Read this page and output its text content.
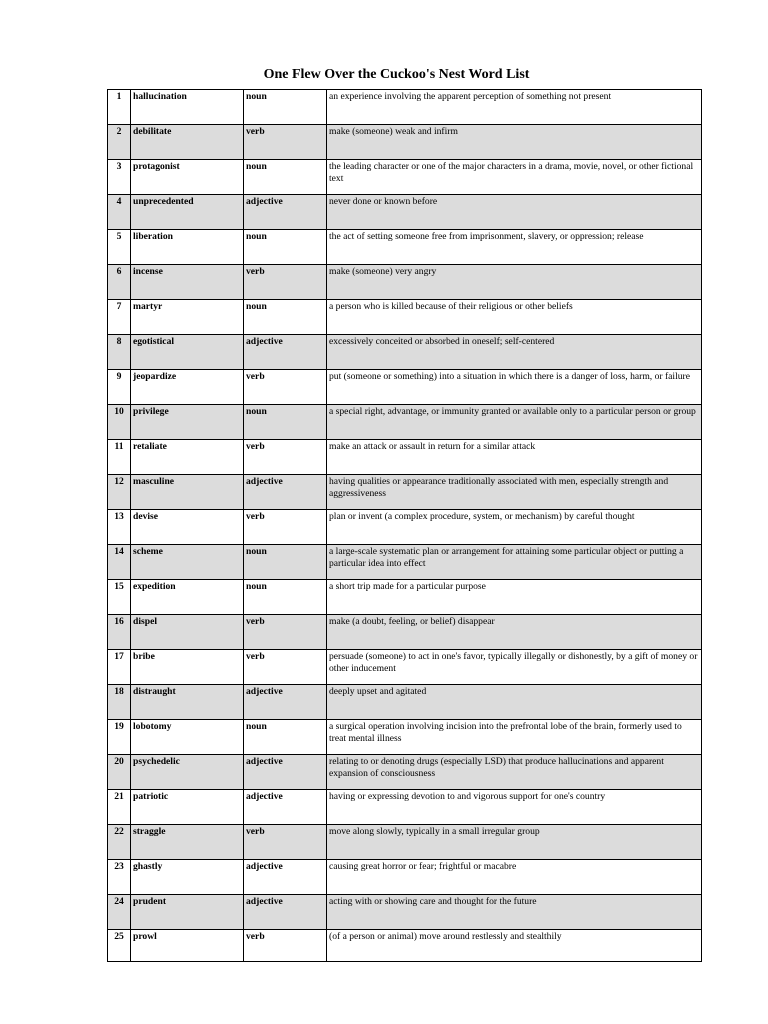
One Flew Over the Cuckoo's Nest Word List
1	hallucination	noun	an experience involving the apparent perception of something not present
2	debilitate	verb	make (someone) weak and infirm
3	protagonist	noun	the leading character or one of the major characters in a drama, movie, novel, or other fictional text
4	unprecedented	adjective	never done or known before
5	liberation	noun	the act of setting someone free from imprisonment, slavery, or oppression; release
6	incense	verb	make (someone) very angry
7	martyr	noun	a person who is killed because of their religious or other beliefs
8	egotistical	adjective	excessively conceited or absorbed in oneself; self-centered
9	jeopardize	verb	put (someone or something) into a situation in which there is a danger of loss, harm, or failure
10	privilege	noun	a special right, advantage, or immunity granted or available only to a particular person or group
11	retaliate	verb	make an attack or assault in return for a similar attack
12	masculine	adjective	having qualities or appearance traditionally associated with men, especially strength and aggressiveness
13	devise	verb	plan or invent (a complex procedure, system, or mechanism) by careful thought
14	scheme	noun	a large-scale systematic plan or arrangement for attaining some particular object or putting a particular idea into effect
15	expedition	noun	a short trip made for a particular purpose
16	dispel	verb	make (a doubt, feeling, or belief) disappear
17	bribe	verb	persuade (someone) to act in one's favor, typically illegally or dishonestly, by a gift of money or other inducement
18	distraught	adjective	deeply upset and agitated
19	lobotomy	noun	a surgical operation involving incision into the prefrontal lobe of the brain, formerly used to treat mental illness
20	psychedelic	adjective	relating to or denoting drugs (especially LSD) that produce hallucinations and apparent expansion of consciousness
21	patriotic	adjective	having or expressing devotion to and vigorous support for one's country
22	straggle	verb	move along slowly, typically in a small irregular group
23	ghastly	adjective	causing great horror or fear; frightful or macabre
24	prudent	adjective	acting with or showing care and thought for the future
25	prowl	verb	(of a person or animal) move around restlessly and stealthily
